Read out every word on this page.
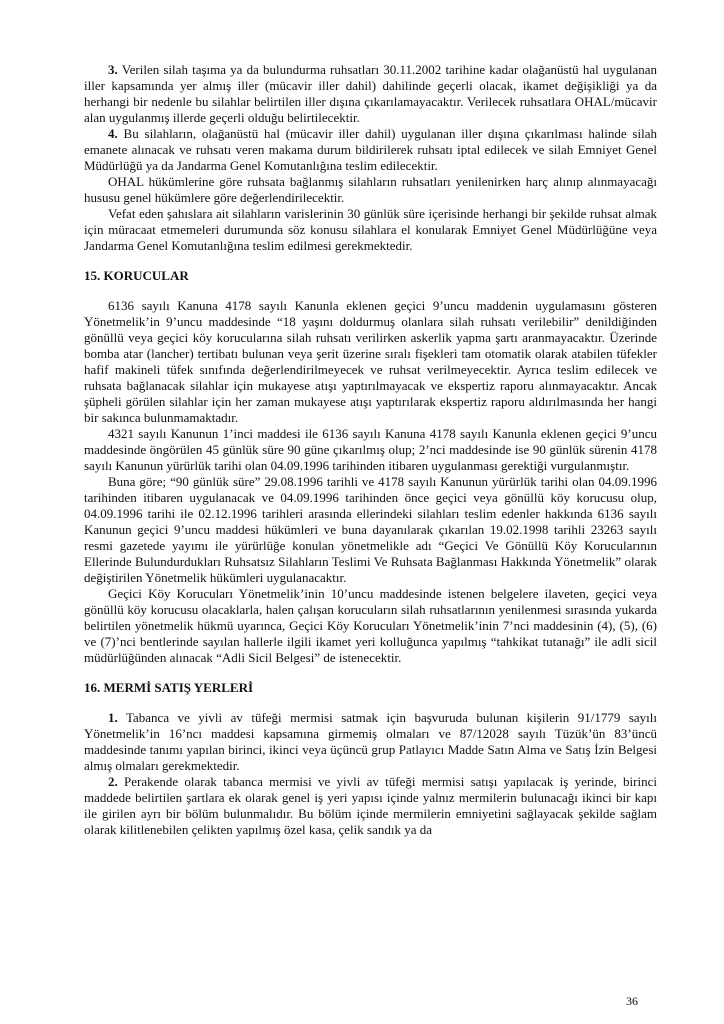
3. Verilen silah taşıma ya da bulundurma ruhsatları 30.11.2002 tarihine kadar olağanüstü hal uygulanan iller kapsamında yer almış iller (mücavir iller dahil) dahilinde geçerli olacak, ikamet değişikliği ya da herhangi bir nedenle bu silahlar belirtilen iller dışına çıkarılamayacaktır. Verilecek ruhsatlara OHAL/mücavir alan uygulanmış illerde geçerli olduğu belirtilecektir.

4. Bu silahların, olağanüstü hal (mücavir iller dahil) uygulanan iller dışına çıkarılması halinde silah emanete alınacak ve ruhsatı veren makama durum bildirilerek ruhsatı iptal edilecek ve silah Emniyet Genel Müdürlüğü ya da Jandarma Genel Komutanlığına teslim edilecektir.

OHAL hükümlerine göre ruhsata bağlanmış silahların ruhsatları yenilenirken harç alınıp alınmayacağı hususu genel hükümlere göre değerlendirilecektir.

Vefat eden şahıslara ait silahların varislerinin 30 günlük süre içerisinde herhangi bir şekilde ruhsat almak için müracaat etmemeleri durumunda söz konusu silahlara el konularak Emniyet Genel Müdürlüğüne veya Jandarma Genel Komutanlığına teslim edilmesi gerekmektedir.

15. KORUCULAR

6136 sayılı Kanuna 4178 sayılı Kanunla eklenen geçici 9’uncu maddenin uygulamasını gösteren Yönetmelik’in 9’uncu maddesinde “18 yaşını doldurmuş olanlara silah ruhsatı verilebilir” denildiğinden gönüllü veya geçici köy korucularına silah ruhsatı verilirken askerlik yapma şartı aranmayacaktır. Üzerinde bomba atar (lancher) tertibatı bulunan veya şerit üzerine sıralı fişekleri tam otomatik olarak atabilen tüfekler hafif makineli tüfek sınıfında değerlendirilmeyecek ve ruhsat verilmeyecektir. Ayrıca teslim edilecek ve ruhsata bağlanacak silahlar için mukayese atışı yaptırılmayacak ve ekspertiz raporu alınmayacaktır. Ancak şüpheli görülen silahlar için her zaman mukayese atışı yaptırılarak ekspertiz raporu aldırılmasında her hangi bir sakınca bulunmamaktadır.

4321 sayılı Kanunun 1’inci maddesi ile 6136 sayılı Kanuna 4178 sayılı Kanunla eklenen geçici 9’uncu maddesinde öngörülen 45 günlük süre 90 güne çıkarılmış olup; 2’nci maddesinde ise 90 günlük sürenin 4178 sayılı Kanunun yürürlük tarihi olan 04.09.1996 tarihinden itibaren uygulanması gerektiği vurgulanmıştır.

Buna göre; “90 günlük süre” 29.08.1996 tarihli ve 4178 sayılı Kanunun yürürlük tarihi olan 04.09.1996 tarihinden itibaren uygulanacak ve 04.09.1996 tarihinden önce geçici veya gönüllü köy korucusu olup, 04.09.1996 tarihi ile 02.12.1996 tarihleri arasında ellerindeki silahları teslim edenler hakkında 6136 sayılı Kanunun geçici 9’uncu maddesi hükümleri ve buna dayanılarak çıkarılan 19.02.1998 tarihli 23263 sayılı resmi gazetede yayımı ile yürürlüğe konulan yönetmelikle adı “Geçici Ve Gönüllü Köy Korucularının Ellerinde Bulundurdukları Ruhsatsız Silahların Teslimi Ve Ruhsata Bağlanması Hakkında Yönetmelik” olarak değiştirilen Yönetmelik hükümleri uygulanacaktır.

Geçici Köy Korucuları Yönetmelik’inin 10’uncu maddesinde istenen belgelere ilaveten, geçici veya gönüllü köy korucusu olacaklarla, halen çalışan korucuların silah ruhsatlarının yenilenmesi sırasında yukarda belirtilen yönetmelik hükmü uyarınca, Geçici Köy Korucuları Yönetmelik’inin 7’nci maddesinin (4), (5), (6) ve (7)’nci bentlerinde sayılan hallerle ilgili ikamet yeri kolluğunca yapılmış “tahkikat tutanağı” ile adli sicil müdürlüğünden alınacak “Adli Sicil Belgesi” de istenecektir.

16. MERMİ SATIŞ YERLERİ

1. Tabanca ve yivli av tüfeği mermisi satmak için başvuruda bulunan kişilerin 91/1779 sayılı Yönetmelik’in 16’ncı maddesi kapsamına girmemiş olmaları ve 87/12028 sayılı Tüzük’ün 83’üncü maddesinde tanımı yapılan birinci, ikinci veya üçüncü grup Patlayıcı Madde Satın Alma ve Satış İzin Belgesi almış olmaları gerekmektedir.

2. Perakende olarak tabanca mermisi ve yivli av tüfeği mermisi satışı yapılacak iş yerinde, birinci maddede belirtilen şartlara ek olarak genel iş yeri yapısı içinde yalnız mermilerin bulunacağı ikinci bir kapı ile girilen ayrı bir bölüm bulunmalıdır. Bu bölüm içinde mermilerin emniyetini sağlayacak şekilde sağlam olarak kilitlenebilen çelikten yapılmış özel kasa, çelik sandık ya da

36
